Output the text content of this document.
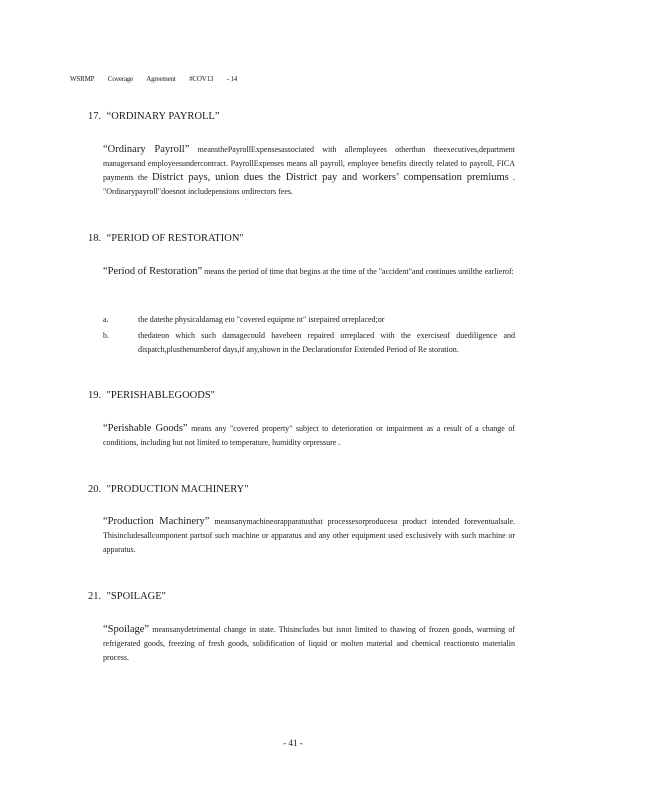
WSRMP Coverage Agreement #COV13 - 14
17. “ORDINARY PAYROLL”
“Ordinary Payroll” meansthePayrollExpensesassociated with allemployees otherthan theexecutives,department managersand employeesundercontract. PayrollExpenses means all payroll, employee benefits directly related to payroll, FICA payments the District pays, union dues the District pay and workers’ compensation premiums . "Ordinarypayroll"doesnot includepensions ordirectors fees.
18. “PERIOD OF RESTORATION"
“Period of Restoration” means the period of time that begins at the time of the "accident"and continues untilthe earlierof:
a.	the datethe physicaldamag eto "covered equipme nt" isrepaired orreplaced;or
b.	thedateon which such damagecould havebeen repaired orreplaced with the exerciseof duediligence and dispatch,plusthenumberof days,if any,shown in the Declarationsfor Extended Period of Re storation.
19. "PERISHABLEGOODS"
“Perishable Goods” means any "covered property" subject to deterioration or impairment as a result of a change of conditions, including but not limited to temperature, humidity orpressure .
20. "PRODUCTION MACHINERY"
“Production Machinery” meansanymachineorapparatusthat processesorproducesa product intended foreventualsale. Thisincludesallcomponent partsof such machine or apparatus and any other equipment used exclusively with such machine or apparatus.
21. "SPOILAGE"
“Spoilage” meansanydetrimental change in state. Thisincludes but isnot limited to thawing of frozen goods, warming of refrigerated goods, freezing of fresh goods, solidification of liquid or molten material and chemical reactionsto materialin process.
- 41 -
